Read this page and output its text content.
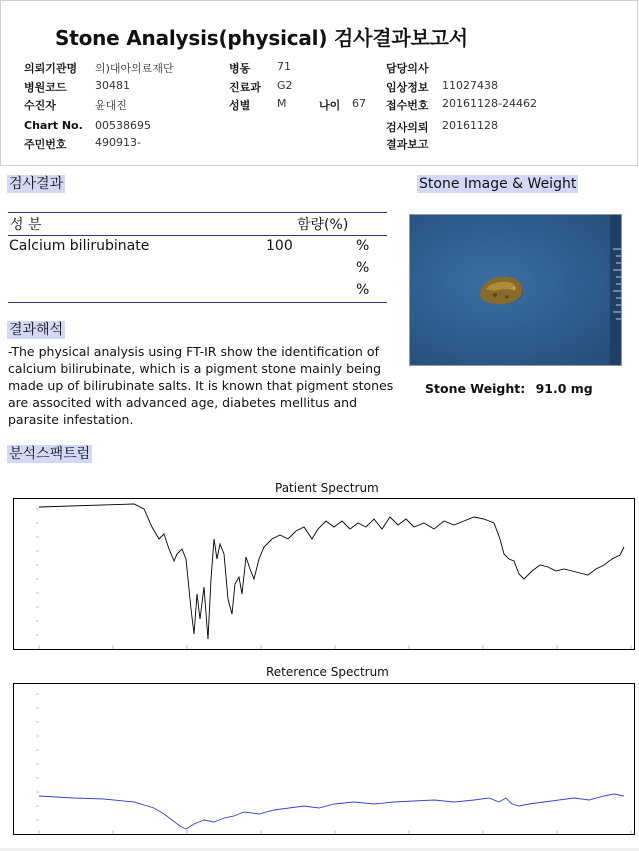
Stone Analysis(physical) 검사결과보고서
의뢰기관명 의)대아의료재단
병원코드	30481
수진자	윤대진
Chart No. 00538695
주민번호	490913-
병동 71
진료과 G2
성별 M	나이 67
담당의사
임상정보 11027438
접수번호 20161128-24462
검사의뢰 20161128
결과보고
검사결과
성 분	함량(%)
Calcium bilirubinate	100	%
%
%
결과해석
-The physical analysis using FT-IR show the identification of calcium bilirubinate, which is a pigment stone mainly being made up of bilirubinate salts. It is known that pigment stones are associted with advanced age, diabetes mellitus and parasite infestation.
Stone Image & Weight
Stone Weight: 91.0 mg
분석스팩트럼
Patient Spectrum
Reterence Spectrum
